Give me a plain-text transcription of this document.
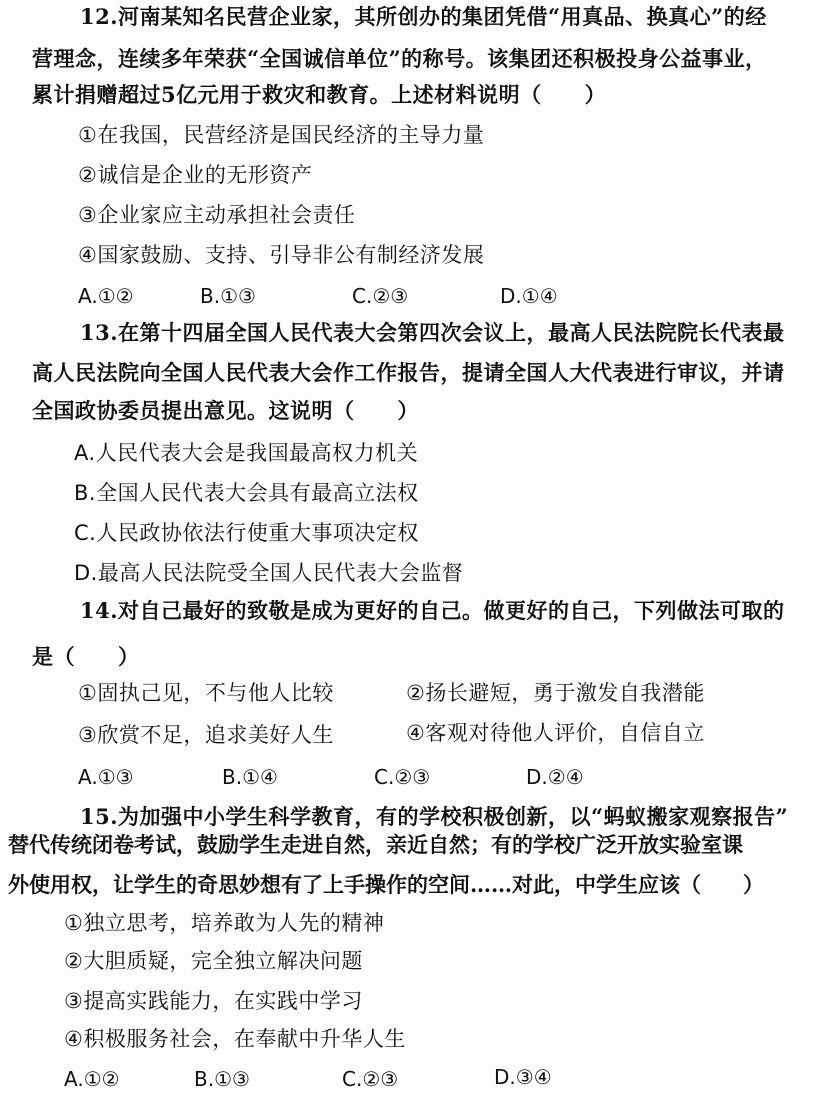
12.河南某知名民营企业家，其所创办的集团凭借“用真品、换真心”的经
营理念，连续多年荣获“全国诚信单位”的称号。该集团还积极投身公益事业，
累计捐赠超过5亿元用于救灾和教育。上述材料说明（　　）
①在我国，民营经济是国民经济的主导力量
②诚信是企业的无形资产
③企业家应主动承担社会责任
④国家鼓励、支持、引导非公有制经济发展
A.①②	B.①③	C.②③	D.①④
13.在第十四届全国人民代表大会第四次会议上，最高人民法院院长代表最
高人民法院向全国人民代表大会作工作报告，提请全国人大代表进行审议，并请
全国政协委员提出意见。这说明（　　）
A.人民代表大会是我国最高权力机关
B.全国人民代表大会具有最高立法权
C.人民政协依法行使重大事项决定权
D.最高人民法院受全国人民代表大会监督
14.对自己最好的致敬是成为更好的自己。做更好的自己，下列做法可取的
是（　　）
①固执己见，不与他人比较	②扬长避短，勇于激发自我潜能
③欣赏不足，追求美好人生	④客观对待他人评价，自信自立
A.①③	B.①④	C.②③	D.②④
15.为加强中小学生科学教育，有的学校积极创新，以“蚂蚁搬家观察报告”
替代传统闭卷考试，鼓励学生走进自然，亲近自然；有的学校广泛开放实验室课
外使用权，让学生的奇思妙想有了上手操作的空间……对此，中学生应该（　　）
①独立思考，培养敢为人先的精神
②大胆质疑，完全独立解决问题
③提高实践能力，在实践中学习
④积极服务社会，在奉献中升华人生
A.①②	B.①③	C.②③	D.③④
